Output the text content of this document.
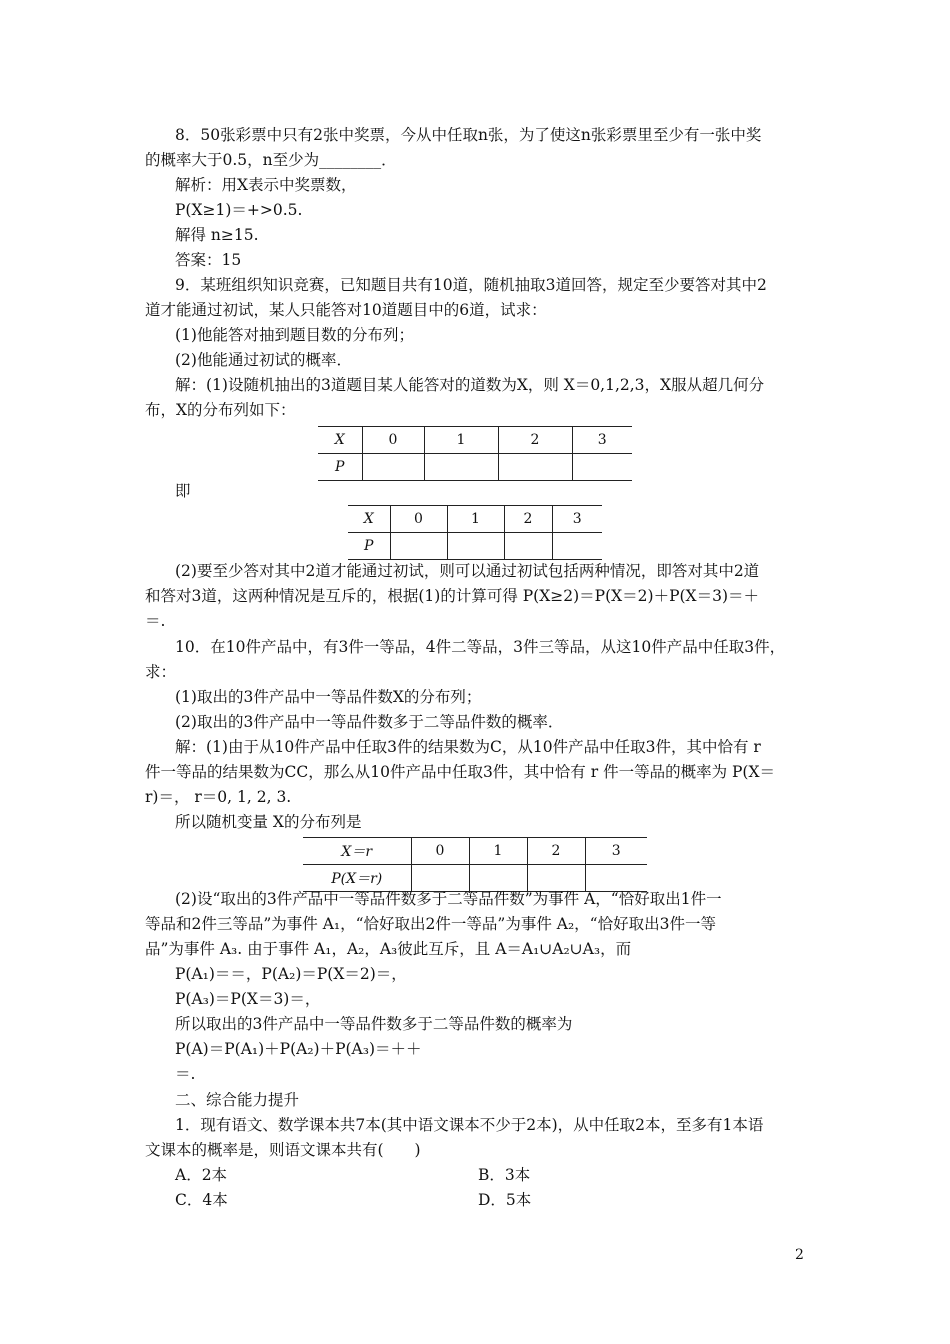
8．50张彩票中只有2张中奖票，今从中任取n张，为了使这n张彩票里至少有一张中奖
的概率大于0.5，n至少为________．
解析：用X表示中奖票数，
P(X≥1)＝+>0.5.
解得 n≥15.
答案：15
9．某班组织知识竞赛，已知题目共有10道，随机抽取3道回答，规定至少要答对其中2
道才能通过初试，某人只能答对10道题目中的6道，试求：
(1)他能答对抽到题目数的分布列；
(2)他能通过初试的概率．
解：(1)设随机抽出的3道题目某人能答对的道数为X，则 X＝0,1,2,3，X服从超几何分
布，X的分布列如下：
X	0	1	2	3
P				
即
X	0	1	2	3
P				
(2)要至少答对其中2道才能通过初试，则可以通过初试包括两种情况，即答对其中2道
和答对3道，这两种情况是互斥的，根据(1)的计算可得 P(X≥2)＝P(X＝2)＋P(X＝3)＝＋
＝.
10．在10件产品中，有3件一等品，4件二等品，3件三等品，从这10件产品中任取3件，
求：
(1)取出的3件产品中一等品件数X的分布列；
(2)取出的3件产品中一等品件数多于二等品件数的概率．
解：(1)由于从10件产品中任取3件的结果数为C，从10件产品中任取3件，其中恰有 r
件一等品的结果数为CC，那么从10件产品中任取3件，其中恰有 r 件一等品的概率为 P(X＝
r)＝， r＝0, 1, 2, 3.
所以随机变量 X的分布列是
X＝r	0	1	2	3
P(X＝r)				
(2)设“取出的3件产品中一等品件数多于二等品件数”为事件 A，“恰好取出1件一
等品和2件三等品”为事件 A₁，“恰好取出2件一等品”为事件 A₂，“恰好取出3件一等
品”为事件 A₃. 由于事件 A₁，A₂，A₃彼此互斥，且 A＝A₁∪A₂∪A₃，而
P(A₁)＝＝，P(A₂)＝P(X＝2)＝，
P(A₃)＝P(X＝3)＝，
所以取出的3件产品中一等品件数多于二等品件数的概率为
P(A)＝P(A₁)＋P(A₂)＋P(A₃)＝＋＋
＝.
二、综合能力提升
1．现有语文、数学课本共7本(其中语文课本不少于2本)，从中任取2本，至多有1本语
文课本的概率是，则语文课本共有(　　)
A．2本	B．3本
C．4本	D．5本
2
